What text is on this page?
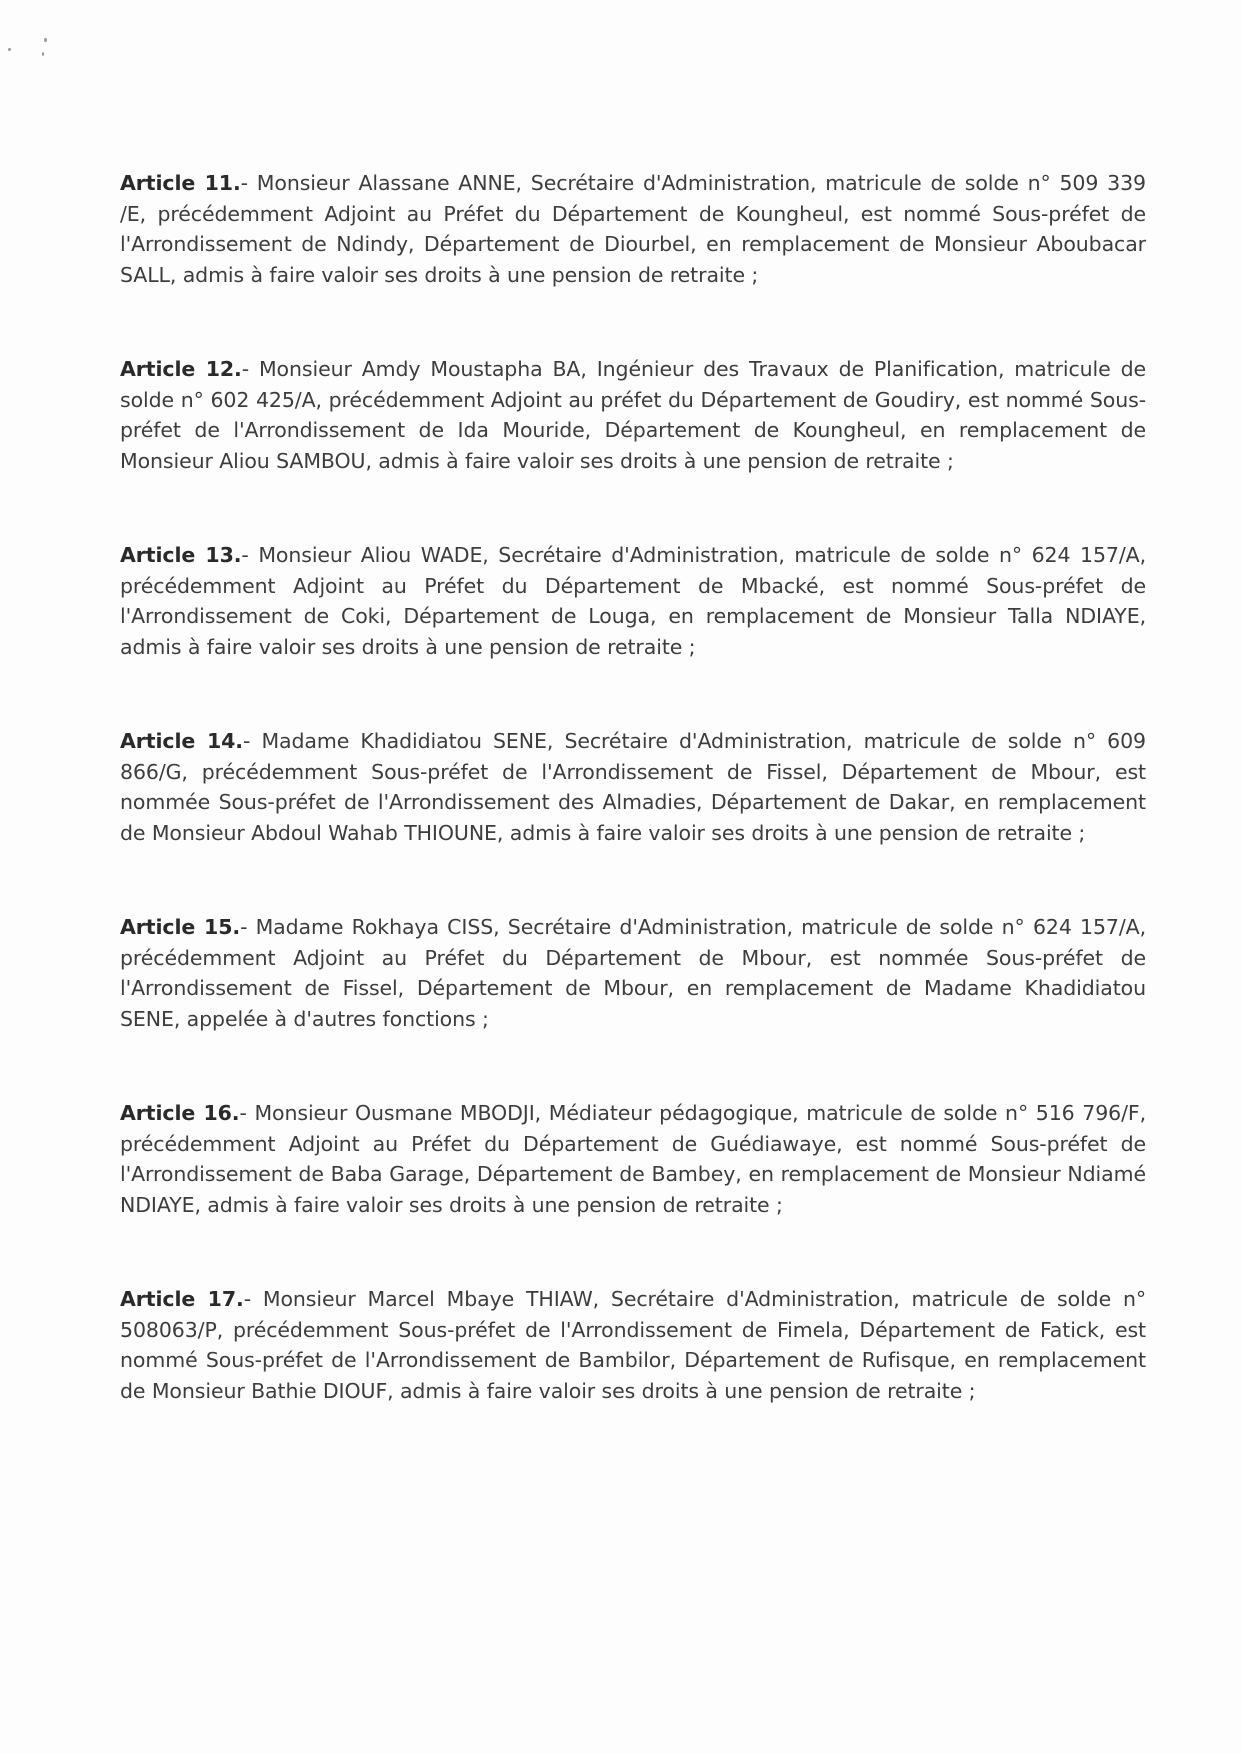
Article 11.- Monsieur Alassane ANNE, Secrétaire d'Administration, matricule de solde n° 509 339 /E, précédemment Adjoint au Préfet du Département de Koungheul, est nommé Sous-préfet de l'Arrondissement de Ndindy, Département de Diourbel, en remplacement de Monsieur Aboubacar SALL, admis à faire valoir ses droits à une pension de retraite ;

Article 12.- Monsieur Amdy Moustapha BA, Ingénieur des Travaux de Planification, matricule de solde n° 602 425/A, précédemment Adjoint au préfet du Département de Goudiry, est nommé Sous-préfet de l'Arrondissement de Ida Mouride, Département de Koungheul, en remplacement de Monsieur Aliou SAMBOU, admis à faire valoir ses droits à une pension de retraite ;

Article 13.- Monsieur Aliou WADE, Secrétaire d'Administration, matricule de solde n° 624 157/A, précédemment Adjoint au Préfet du Département de Mbacké, est nommé Sous-préfet de l'Arrondissement de Coki, Département de Louga, en remplacement de Monsieur Talla NDIAYE, admis à faire valoir ses droits à une pension de retraite ;

Article 14.- Madame Khadidiatou SENE, Secrétaire d'Administration, matricule de solde n° 609 866/G, précédemment Sous-préfet de l'Arrondissement de Fissel, Département de Mbour, est nommée Sous-préfet de l'Arrondissement des Almadies, Département de Dakar, en remplacement de Monsieur Abdoul Wahab THIOUNE, admis à faire valoir ses droits à une pension de retraite ;

Article 15.- Madame Rokhaya CISS, Secrétaire d'Administration, matricule de solde n° 624 157/A, précédemment Adjoint au Préfet du Département de Mbour, est nommée Sous-préfet de l'Arrondissement de Fissel, Département de Mbour, en remplacement de Madame Khadidiatou SENE, appelée à d'autres fonctions ;

Article 16.- Monsieur Ousmane MBODJI, Médiateur pédagogique, matricule de solde n° 516 796/F, précédemment Adjoint au Préfet du Département de Guédiawaye, est nommé Sous-préfet de l'Arrondissement de Baba Garage, Département de Bambey, en remplacement de Monsieur Ndiamé NDIAYE, admis à faire valoir ses droits à une pension de retraite ;

Article 17.- Monsieur Marcel Mbaye THIAW, Secrétaire d'Administration, matricule de solde n° 508063/P, précédemment Sous-préfet de l'Arrondissement de Fimela, Département de Fatick, est nommé Sous-préfet de l'Arrondissement de Bambilor, Département de Rufisque, en remplacement de Monsieur Bathie DIOUF, admis à faire valoir ses droits à une pension de retraite ;
